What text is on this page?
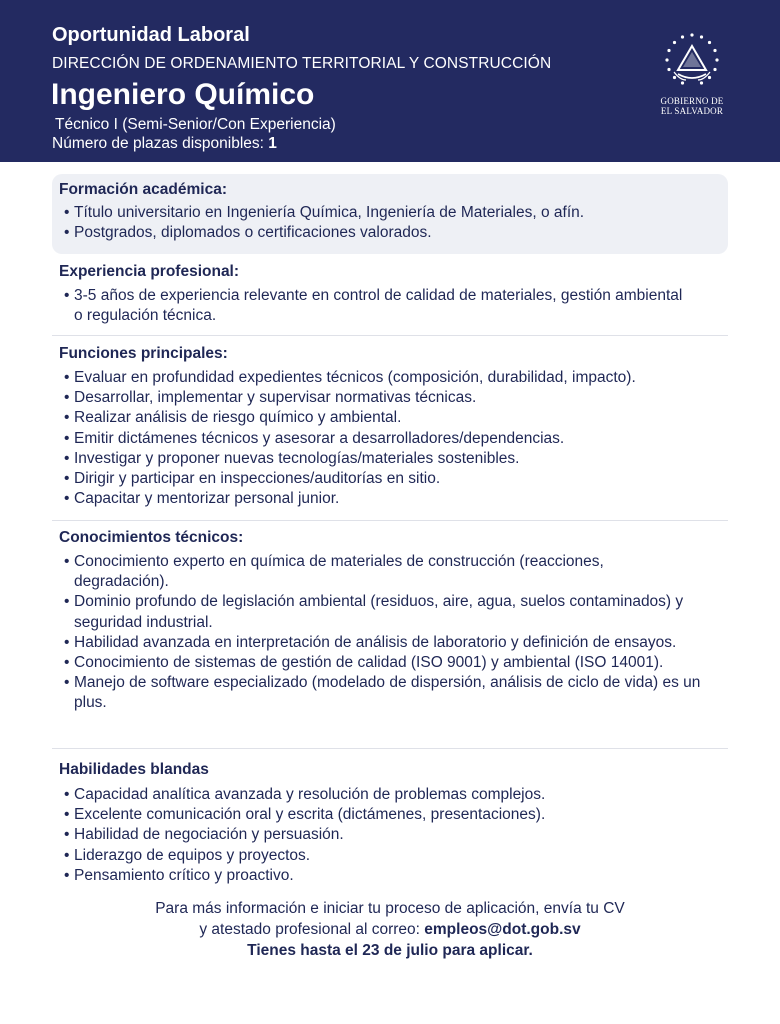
Oportunidad Laboral
DIRECCIÓN DE ORDENAMIENTO TERRITORIAL Y CONSTRUCCIÓN
Ingeniero Químico
Técnico I (Semi-Senior/Con Experiencia)
Número de plazas disponibles: 1
GOBIERNO DE
EL SALVADOR
Formación académica:
• Título universitario en Ingeniería Química, Ingeniería de Materiales, o afín.
• Postgrados, diplomados o certificaciones valorados.
Experiencia profesional:
• 3-5 años de experiencia relevante en control de calidad de materiales, gestión ambiental o regulación técnica.
Funciones principales:
• Evaluar en profundidad expedientes técnicos (composición, durabilidad, impacto).
• Desarrollar, implementar y supervisar normativas técnicas.
• Realizar análisis de riesgo químico y ambiental.
• Emitir dictámenes técnicos y asesorar a desarrolladores/dependencias.
• Investigar y proponer nuevas tecnologías/materiales sostenibles.
• Dirigir y participar en inspecciones/auditorías en sitio.
• Capacitar y mentorizar personal junior.
Conocimientos técnicos:
• Conocimiento experto en química de materiales de construcción (reacciones, degradación).
• Dominio profundo de legislación ambiental (residuos, aire, agua, suelos contaminados) y seguridad industrial.
• Habilidad avanzada en interpretación de análisis de laboratorio y definición de ensayos.
• Conocimiento de sistemas de gestión de calidad (ISO 9001) y ambiental (ISO 14001).
• Manejo de software especializado (modelado de dispersión, análisis de ciclo de vida) es un plus.
Habilidades blandas
• Capacidad analítica avanzada y resolución de problemas complejos.
• Excelente comunicación oral y escrita (dictámenes, presentaciones).
• Habilidad de negociación y persuasión.
• Liderazgo de equipos y proyectos.
• Pensamiento crítico y proactivo.
Para más información e iniciar tu proceso de aplicación, envía tu CV
y atestado profesional al correo: empleos@dot.gob.sv
Tienes hasta el 23 de julio para aplicar.
